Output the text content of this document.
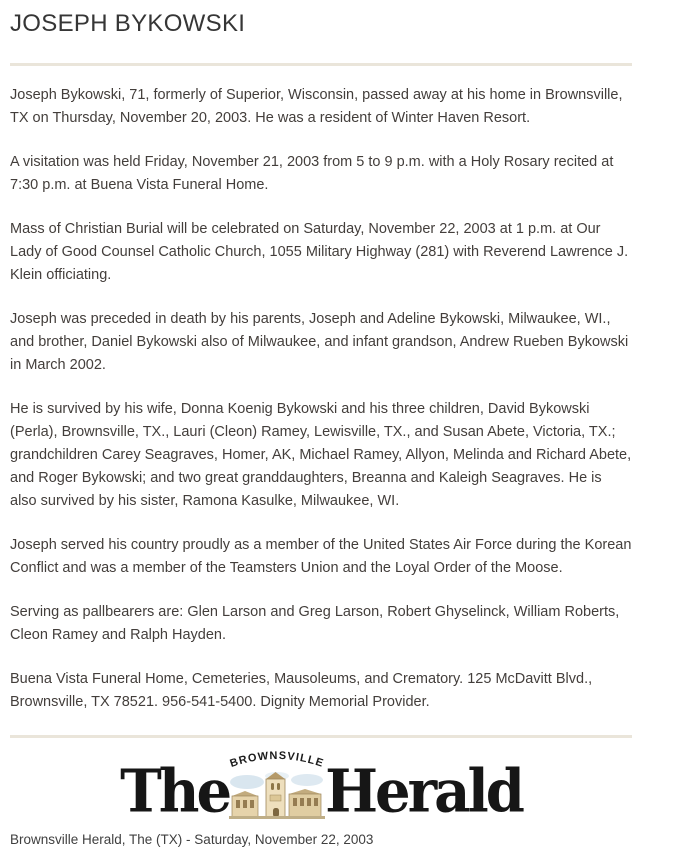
JOSEPH BYKOWSKI

Joseph Bykowski, 71, formerly of Superior, Wisconsin, passed away at his home in Brownsville, TX on Thursday, November 20, 2003. He was a resident of Winter Haven Resort.

A visitation was held Friday, November 21, 2003 from 5 to 9 p.m. with a Holy Rosary recited at 7:30 p.m. at Buena Vista Funeral Home.

Mass of Christian Burial will be celebrated on Saturday, November 22, 2003 at 1 p.m. at Our Lady of Good Counsel Catholic Church, 1055 Military Highway (281) with Reverend Lawrence J. Klein officiating.

Joseph was preceded in death by his parents, Joseph and Adeline Bykowski, Milwaukee, WI., and brother, Daniel Bykowski also of Milwaukee, and infant grandson, Andrew Rueben Bykowski in March 2002.

He is survived by his wife, Donna Koenig Bykowski and his three children, David Bykowski (Perla), Brownsville, TX., Lauri (Cleon) Ramey, Lewisville, TX., and Susan Abete, Victoria, TX.; grandchildren Carey Seagraves, Homer, AK, Michael Ramey, Allyon, Melinda and Richard Abete, and Roger Bykowski; and two great granddaughters, Breanna and Kaleigh Seagraves. He is also survived by his sister, Ramona Kasulke, Milwaukee, WI.

Joseph served his country proudly as a member of the United States Air Force during the Korean Conflict and was a member of the Teamsters Union and the Loyal Order of the Moose.

Serving as pallbearers are: Glen Larson and Greg Larson, Robert Ghyselinck, William Roberts, Cleon Ramey and Ralph Hayden.

Buena Vista Funeral Home, Cemeteries, Mausoleums, and Crematory. 125 McDavitt Blvd., Brownsville, TX 78521. 956-541-5400. Dignity Memorial Provider.

The BROWNSVILLE Herald

Brownsville Herald, The (TX) - Saturday, November 22, 2003
